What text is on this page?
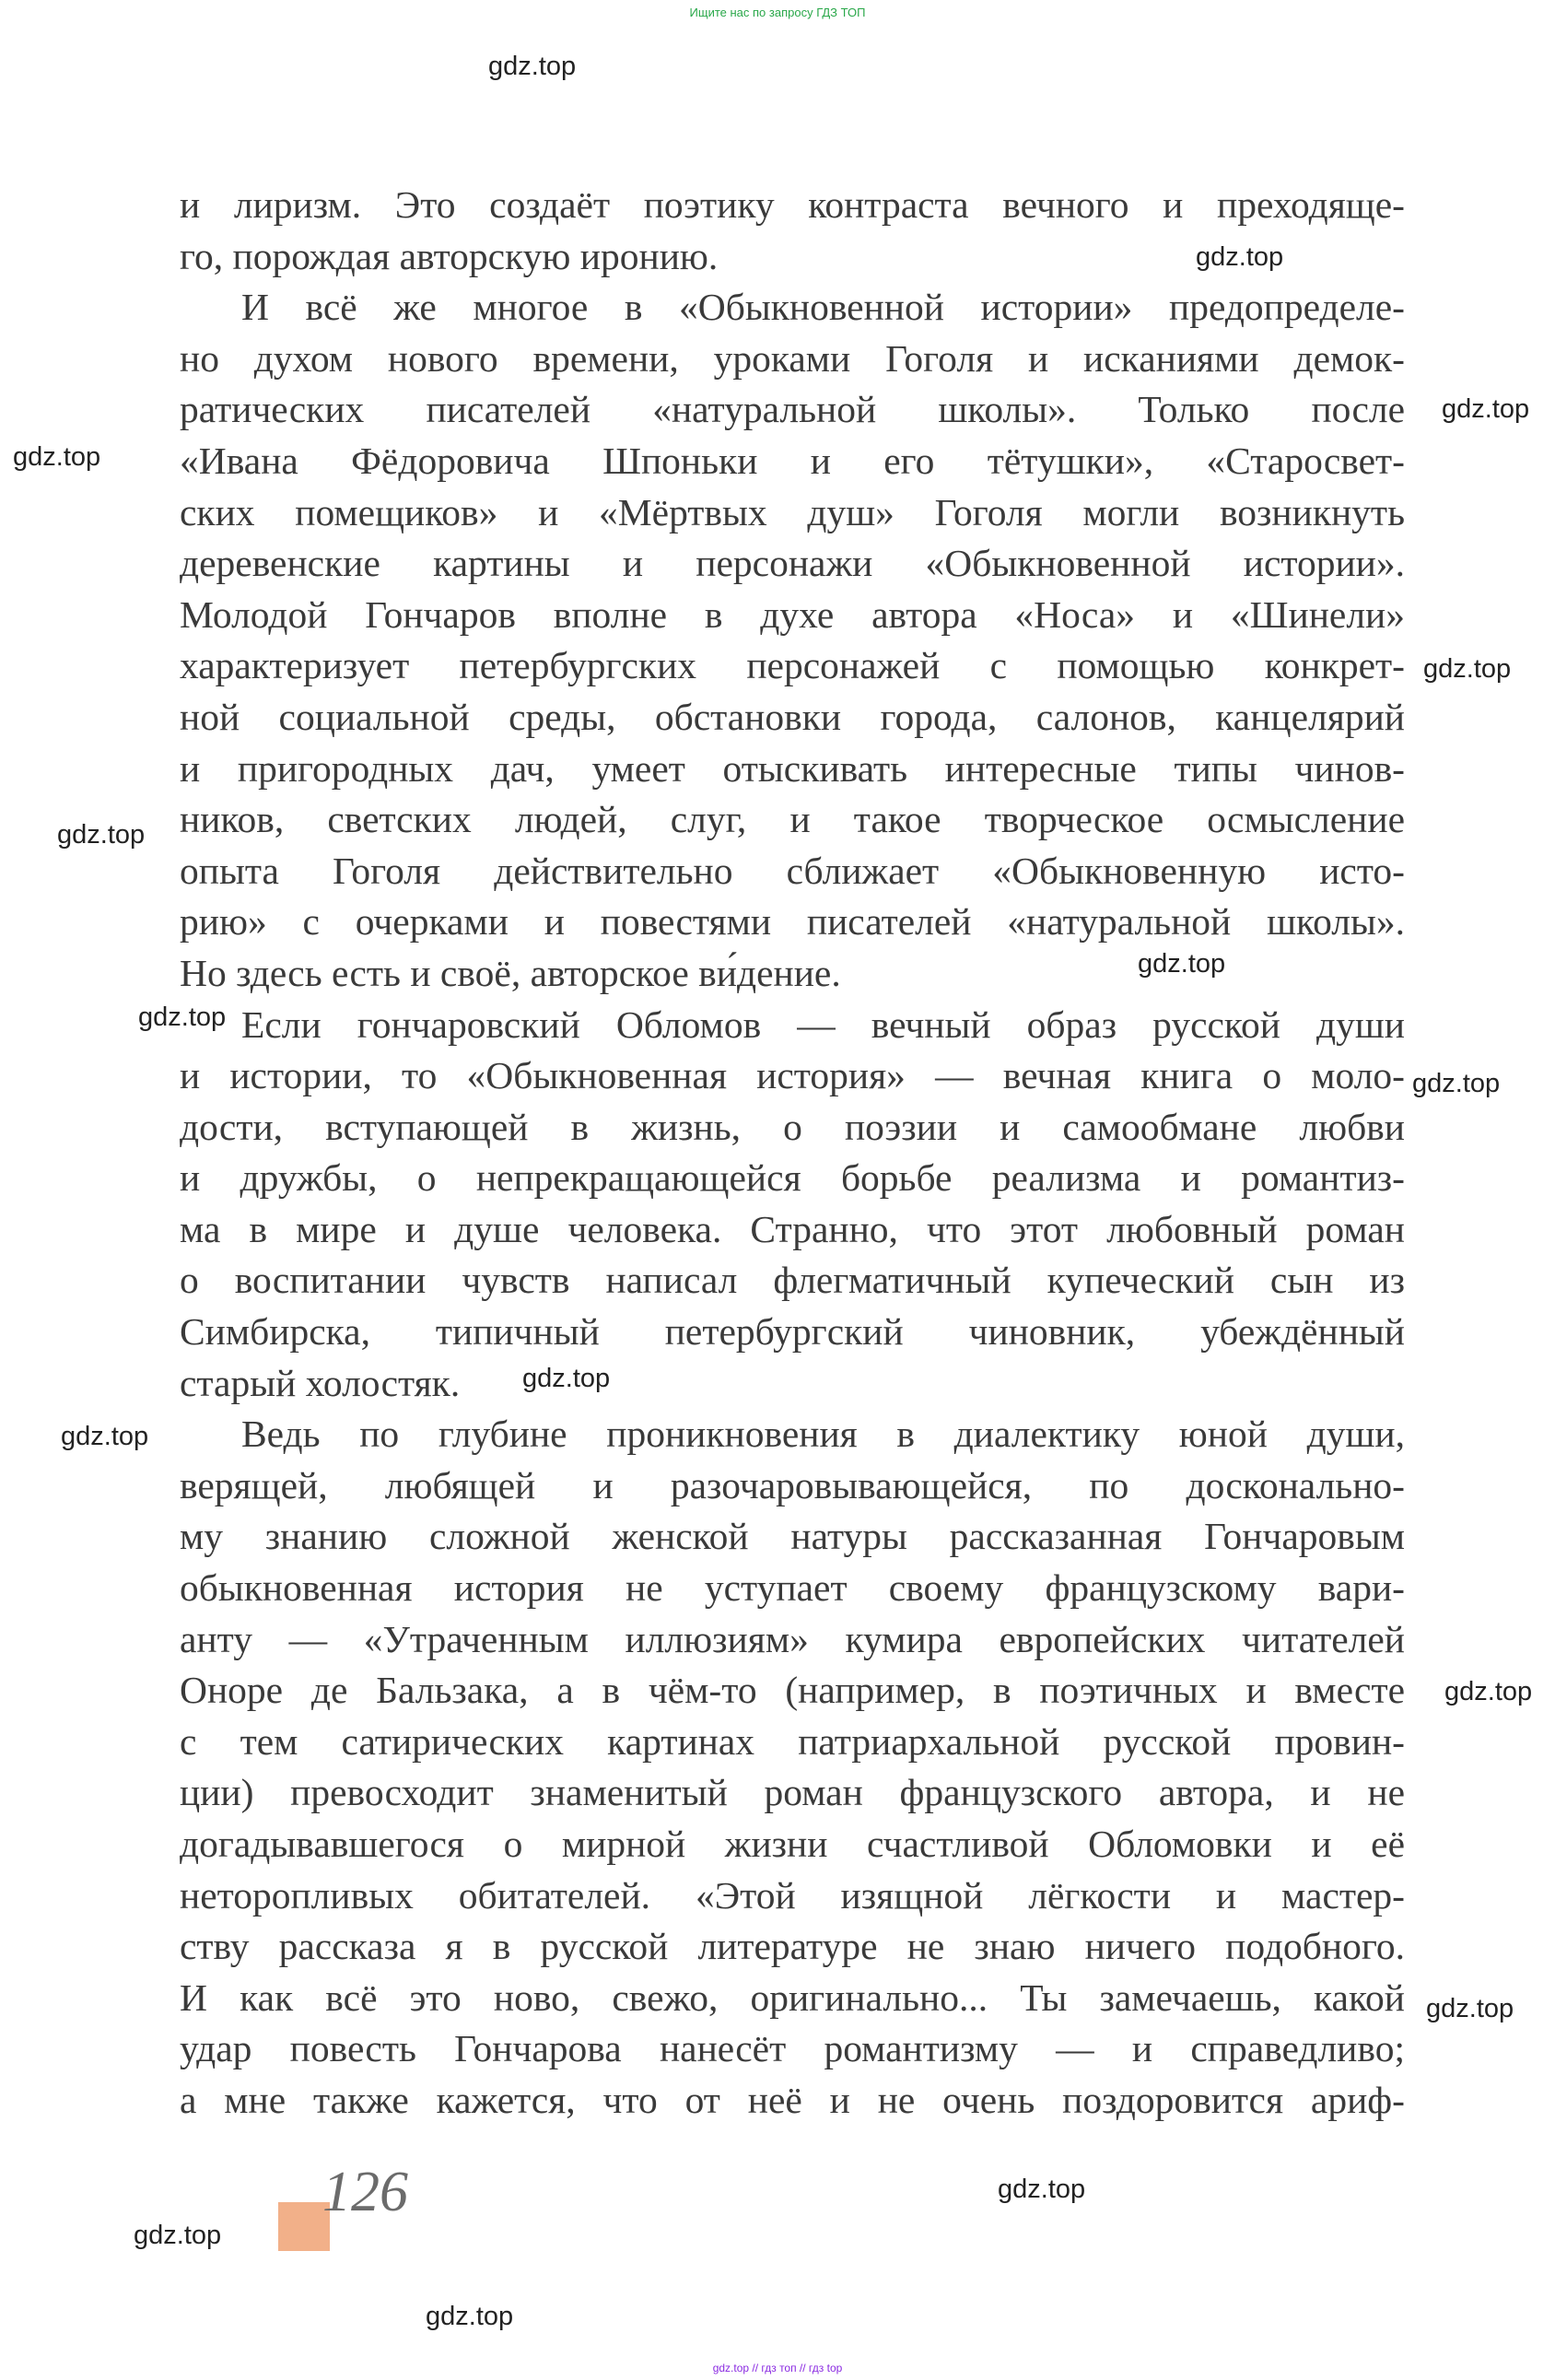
Ищите нас по запросу ГДЗ ТОП
gdz.top
gdz.top
gdz.top
gdz.top
gdz.top
gdz.top
gdz.top
gdz.top
gdz.top
gdz.top
gdz.top
gdz.top
gdz.top
gdz.top
gdz.top
gdz.top
и лиризм. Это создаёт поэтику контраста вечного и преходяще-
го, порождая авторскую иронию.
И всё же многое в «Обыкновенной истории» предопределе-
но духом нового времени, уроками Гоголя и исканиями демок-
ратических писателей «натуральной школы». Только после
«Ивана Фёдоровича Шпоньки и его тётушки», «Старосвет-
ских помещиков» и «Мёртвых душ» Гоголя могли возникнуть
деревенские картины и персонажи «Обыкновенной истории».
Молодой Гончаров вполне в духе автора «Носа» и «Шинели»
характеризует петербургских персонажей с помощью конкрет-
ной социальной среды, обстановки города, салонов, канцелярий
и пригородных дач, умеет отыскивать интересные типы чинов-
ников, светских людей, слуг, и такое творческое осмысление
опыта Гоголя действительно сближает «Обыкновенную исто-
рию» с очерками и повестями писателей «натуральной школы».
Но здесь есть и своё, авторское ви́дение.
Если гончаровский Обломов — вечный образ русской души
и истории, то «Обыкновенная история» — вечная книга о моло-
дости, вступающей в жизнь, о поэзии и самообмане любви
и дружбы, о непрекращающейся борьбе реализма и романтиз-
ма в мире и душе человека. Странно, что этот любовный роман
о воспитании чувств написал флегматичный купеческий сын из
Симбирска, типичный петербургский чиновник, убеждённый
старый холостяк.
Ведь по глубине проникновения в диалектику юной души,
верящей, любящей и разочаровывающейся, по досконально-
му знанию сложной женской натуры рассказанная Гончаровым
обыкновенная история не уступает своему французскому вари-
анту — «Утраченным иллюзиям» кумира европейских читателей
Оноре де Бальзака, а в чём-то (например, в поэтичных и вместе
с тем сатирических картинах патриархальной русской провин-
ции) превосходит знаменитый роман французского автора, и не
догадывавшегося о мирной жизни счастливой Обломовки и её
неторопливых обитателей. «Этой изящной лёгкости и мастер-
ству рассказа я в русской литературе не знаю ничего подобного.
И как всё это ново, свежо, оригинально... Ты замечаешь, какой
удар повесть Гончарова нанесёт романтизму — и справедливо;
а мне также кажется, что от неё и не очень поздоровится ариф-
126
gdz.top // гдз топ // гдз top
